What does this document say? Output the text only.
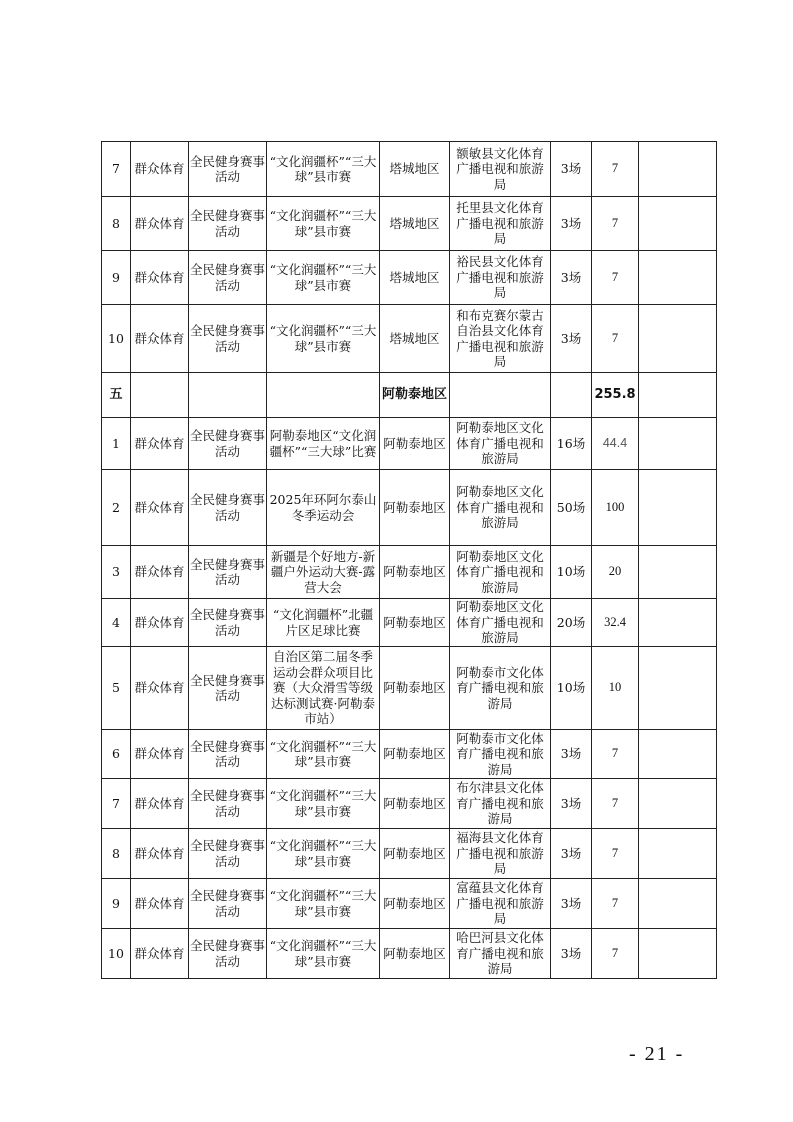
7	群众体育	全民健身赛事活动	“文化润疆杯”“三大球”县市赛	塔城地区	额敏县文化体育广播电视和旅游局	3场	7	
8	群众体育	全民健身赛事活动	“文化润疆杯”“三大球”县市赛	塔城地区	托里县文化体育广播电视和旅游局	3场	7	
9	群众体育	全民健身赛事活动	“文化润疆杯”“三大球”县市赛	塔城地区	裕民县文化体育广播电视和旅游局	3场	7	
10	群众体育	全民健身赛事活动	“文化润疆杯”“三大球”县市赛	塔城地区	和布克赛尔蒙古自治县文化体育广播电视和旅游局	3场	7	
五				阿勒泰地区			255.8	
1	群众体育	全民健身赛事活动	阿勒泰地区“文化润疆杯”“三大球”比赛	阿勒泰地区	阿勒泰地区文化体育广播电视和旅游局	16场	44.4	
2	群众体育	全民健身赛事活动	2025年环阿尔泰山冬季运动会	阿勒泰地区	阿勒泰地区文化体育广播电视和旅游局	50场	100	
3	群众体育	全民健身赛事活动	新疆是个好地方-新疆户外运动大赛-露营大会	阿勒泰地区	阿勒泰地区文化体育广播电视和旅游局	10场	20	
4	群众体育	全民健身赛事活动	“文化润疆杯”北疆片区足球比赛	阿勒泰地区	阿勒泰地区文化体育广播电视和旅游局	20场	32.4	
5	群众体育	全民健身赛事活动	自治区第二届冬季运动会群众项目比赛（大众滑雪等级达标测试赛·阿勒泰市站）	阿勒泰地区	阿勒泰市文化体育广播电视和旅游局	10场	10	
6	群众体育	全民健身赛事活动	“文化润疆杯”“三大球”县市赛	阿勒泰地区	阿勒泰市文化体育广播电视和旅游局	3场	7	
7	群众体育	全民健身赛事活动	“文化润疆杯”“三大球”县市赛	阿勒泰地区	布尔津县文化体育广播电视和旅游局	3场	7	
8	群众体育	全民健身赛事活动	“文化润疆杯”“三大球”县市赛	阿勒泰地区	福海县文化体育广播电视和旅游局	3场	7	
9	群众体育	全民健身赛事活动	“文化润疆杯”“三大球”县市赛	阿勒泰地区	富蕴县文化体育广播电视和旅游局	3场	7	
10	群众体育	全民健身赛事活动	“文化润疆杯”“三大球”县市赛	阿勒泰地区	哈巴河县文化体育广播电视和旅游局	3场	7	
- 21 -
